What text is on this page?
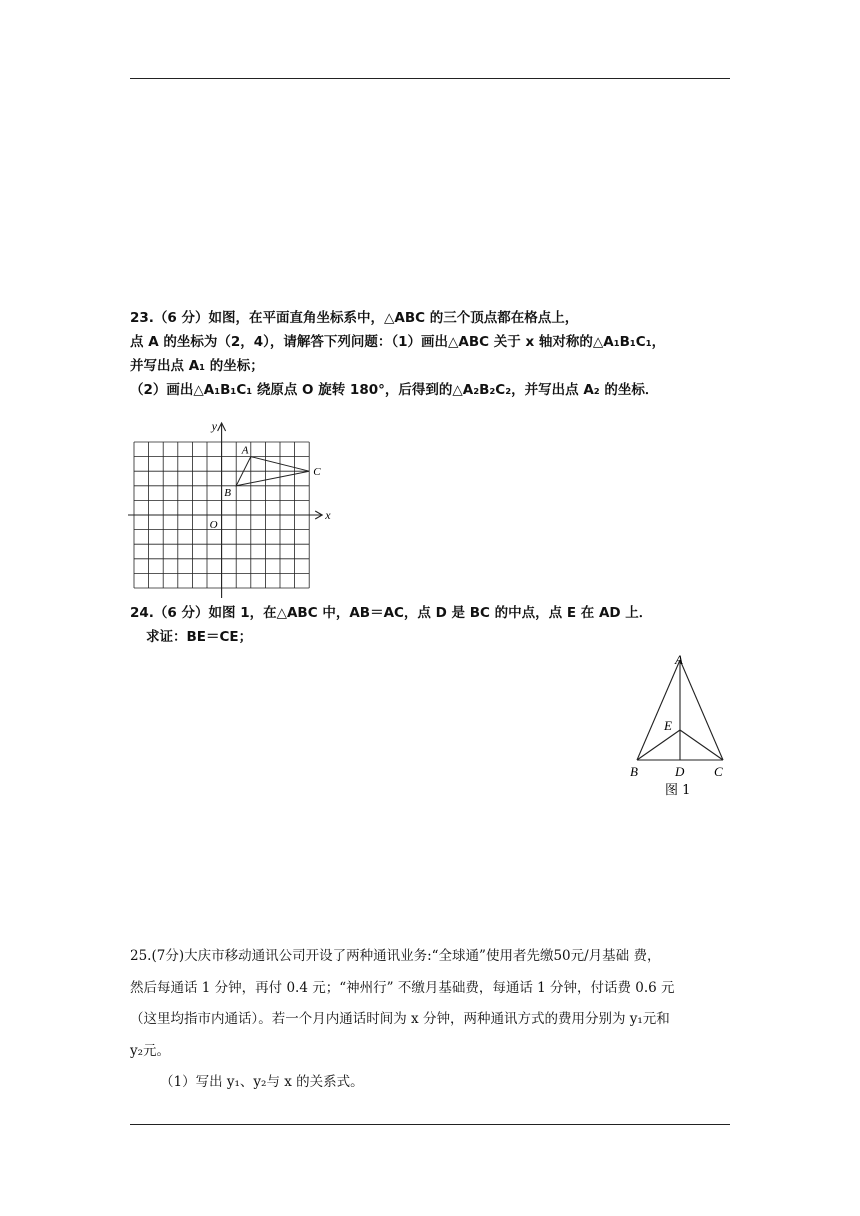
23.（6 分）如图，在平面直角坐标系中，△ABC 的三个顶点都在格点上，

点 A 的坐标为（2，4），请解答下列问题：（1）画出△ABC 关于 x 轴对称的△A₁B₁C₁，

并写出点 A₁ 的坐标；

（2）画出△A₁B₁C₁ 绕原点 O 旋转 180°，后得到的△A₂B₂C₂，并写出点 A₂ 的坐标．

x
y
O
A
B
C

24.（6 分）如图 1，在△ABC 中，AB＝AC，点 D 是 BC 的中点，点 E 在 AD 上．

求证：BE＝CE；

A
E
B	D C
图 1

25.(7分)大庆市移动通讯公司开设了两种通讯业务:“全球通”使用者先缴50元/月基础 费，

然后每通话 1 分钟，再付 0.4 元；“神州行” 不缴月基础费，每通话 1 分钟，付话费 0.6 元

（这里均指市内通话）。若一个月内通话时间为 x 分钟，两种通讯方式的费用分别为 y₁元和

y₂元。

（1）写出 y₁、y₂与 x 的关系式。
